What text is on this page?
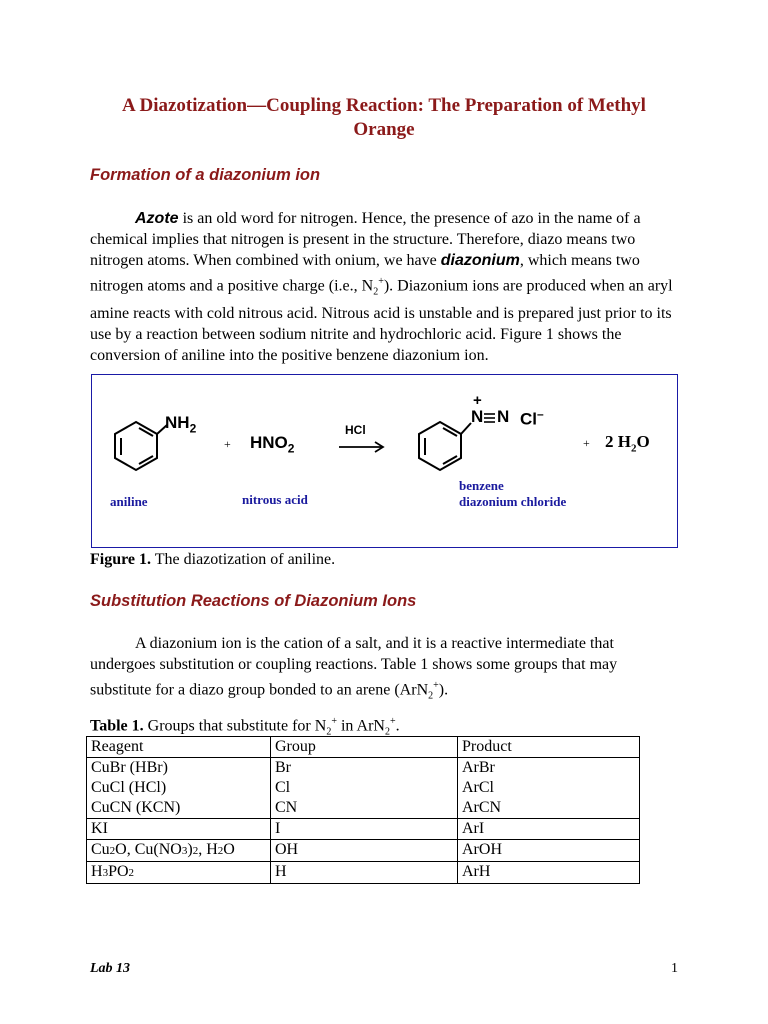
A Diazotization—Coupling Reaction: The Preparation of Methyl Orange
Formation of a diazonium ion

Azote is an old word for nitrogen. Hence, the presence of azo in the name of a chemical implies that nitrogen is present in the structure. Therefore, diazo means two nitrogen atoms. When combined with onium, we have diazonium, which means two nitrogen atoms and a positive charge (i.e., $N_2^+$). Diazonium ions are produced when an aryl amine reacts with cold nitrous acid. Nitrous acid is unstable and is prepared just prior to its use by a reaction between sodium nitrite and hydrochloric acid. Figure 1 shows the conversion of aniline into the positive benzene diazonium ion.

$NH_2$
+ $HNO_2$
HCl
+
N N Cl–
+ 2 $H_2O$
aniline	nitrous acid
benzene
diazonium chloride
Figure 1. The diazotization of aniline.
Substitution Reactions of Diazonium Ions

A diazonium ion is the cation of a salt, and it is a reactive intermediate that undergoes substitution or coupling reactions. Table 1 shows some groups that may substitute for a diazo group bonded to an arene (ArN$_2$+).

Table 1. Groups that substitute for $N_2^+$ in ArN$_2$+.
Reagent	Group	Product
CuBr (HBr)	Br	ArBr
CuCl (HCl)	Cl	ArCl
CuCN (KCN)	CN	ArCN
KI	I	ArI
Cu2O, Cu(NO3)2, H2O	OH	ArOH
H3PO2	H	ArH
Lab 13	1
